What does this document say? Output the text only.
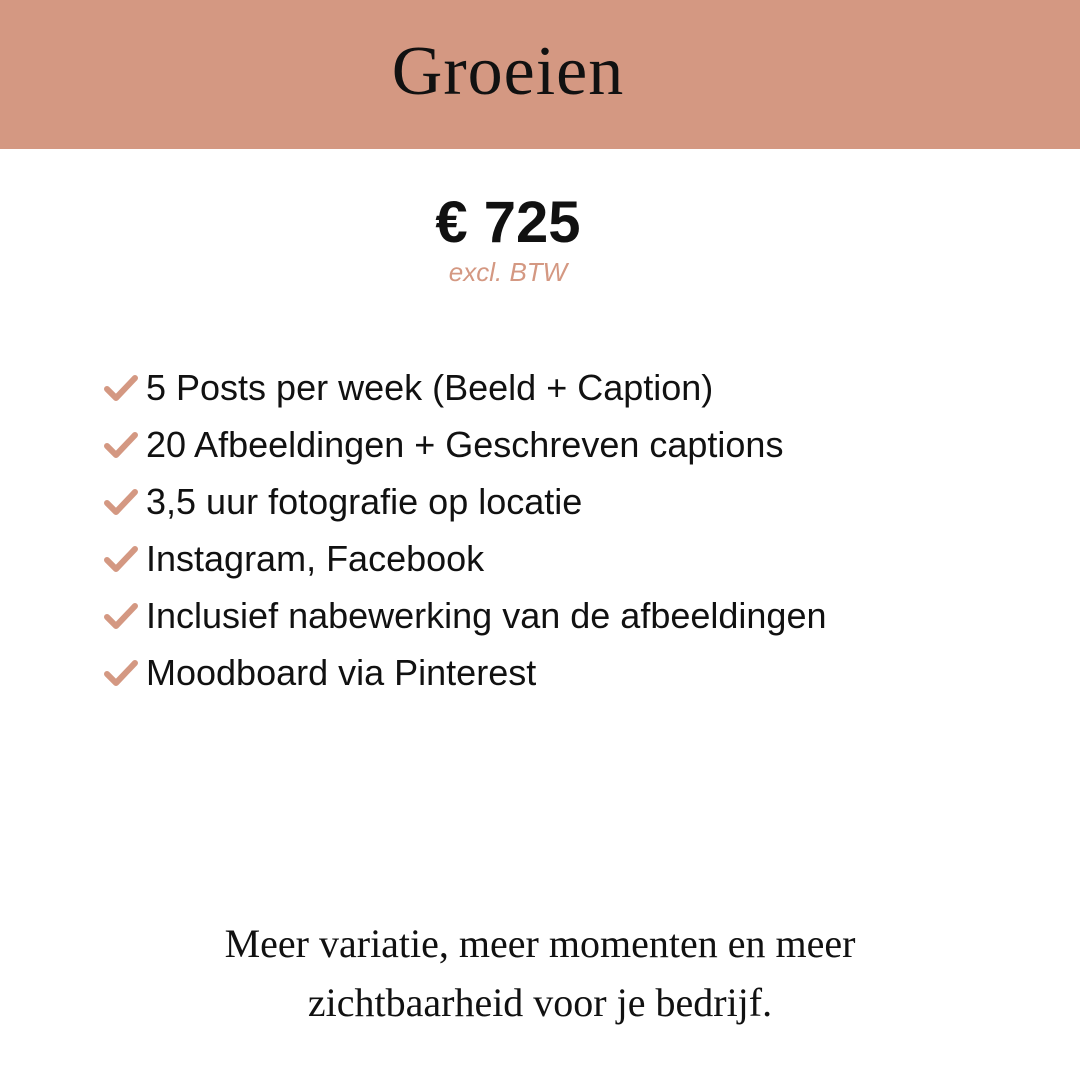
Groeien
€ 725
excl. BTW
5 Posts per week (Beeld + Caption)
20 Afbeeldingen + Geschreven captions
3,5 uur fotografie op locatie
Instagram, Facebook
Inclusief nabewerking van de afbeeldingen
Moodboard via Pinterest
Meer variatie, meer momenten en meer
zichtbaarheid voor je bedrijf.
